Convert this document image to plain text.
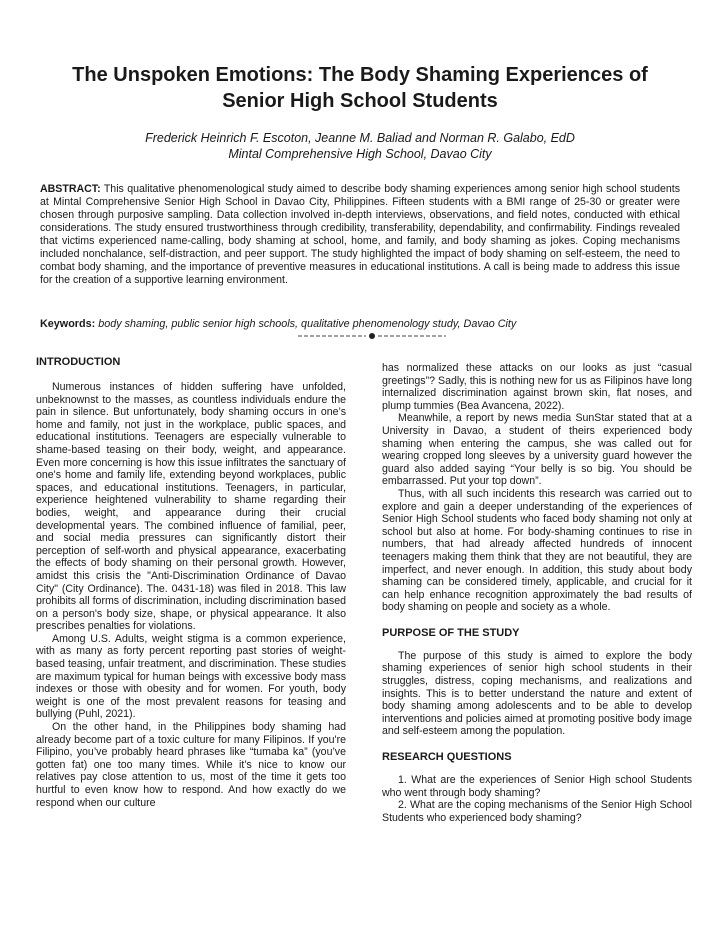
The Unspoken Emotions: The Body Shaming Experiences of Senior High School Students
Frederick Heinrich F. Escoton, Jeanne M. Baliad and Norman R. Galabo, EdD
Mintal Comprehensive High School, Davao City
ABSTRACT: This qualitative phenomenological study aimed to describe body shaming experiences among senior high school students at Mintal Comprehensive Senior High School in Davao City, Philippines. Fifteen students with a BMI range of 25-30 or greater were chosen through purposive sampling. Data collection involved in-depth interviews, observations, and field notes, conducted with ethical considerations. The study ensured trustworthiness through credibility, transferability, dependability, and confirmability. Findings revealed that victims experienced name-calling, body shaming at school, home, and family, and body shaming as jokes. Coping mechanisms included nonchalance, self-distraction, and peer support. The study highlighted the impact of body shaming on self-esteem, the need to combat body shaming, and the importance of preventive measures in educational institutions. A call is being made to address this issue for the creation of a supportive learning environment.
Keywords: body shaming, public senior high schools, qualitative phenomenology study, Davao City
INTRODUCTION

Numerous instances of hidden suffering have unfolded, unbeknownst to the masses, as countless individuals endure the pain in silence. But unfortunately, body shaming occurs in one’s home and family, not just in the workplace, public spaces, and educational institutions. Teenagers are especially vulnerable to shame-based teasing on their body, weight, and appearance. Even more concerning is how this issue infiltrates the sanctuary of one's home and family life, extending beyond workplaces, public spaces, and educational institutions. Teenagers, in particular, experience heightened vulnerability to shame regarding their bodies, weight, and appearance during their crucial developmental years. The combined influence of familial, peer, and social media pressures can significantly distort their perception of self-worth and physical appearance, exacerbating the effects of body shaming on their personal growth. However, amidst this crisis the "Anti-Discrimination Ordinance of Davao City" (City Ordinance). The. 0431-18) was filed in 2018. This law prohibits all forms of discrimination, including discrimination based on a person's body size, shape, or physical appearance. It also prescribes penalties for violations.

Among U.S. Adults, weight stigma is a common experience, with as many as forty percent reporting past stories of weight-based teasing, unfair treatment, and discrimination. These studies are maximum typical for human beings with excessive body mass indexes or those with obesity and for women. For youth, body weight is one of the most prevalent reasons for teasing and bullying (Puhl, 2021).

On the other hand, in the Philippines body shaming had already become part of a toxic culture for many Filipinos. If you're Filipino, you’ve probably heard phrases like “tumaba ka” (you’ve gotten fat) one too many times. While it’s nice to know our relatives pay close attention to us, most of the time it gets too hurtful to even know how to respond. And how exactly do we respond when our culture

has normalized these attacks on our looks as just “casual greetings”? Sadly, this is nothing new for us as Filipinos have long internalized discrimination against brown skin, flat noses, and plump tummies (Bea Avancena, 2022).

Meanwhile, a report by news media SunStar stated that at a University in Davao, a student of theirs experienced body shaming when entering the campus, she was called out for wearing cropped long sleeves by a university guard however the guard also added saying “Your belly is so big. You should be embarrassed. Put your top down”.

Thus, with all such incidents this research was carried out to explore and gain a deeper understanding of the experiences of Senior High School students who faced body shaming not only at school but also at home. For body-shaming continues to rise in numbers, that had already affected hundreds of innocent teenagers making them think that they are not beautiful, they are imperfect, and never enough. In addition, this study about body shaming can be considered timely, applicable, and crucial for it can help enhance recognition approximately the bad results of body shaming on people and society as a whole.

PURPOSE OF THE STUDY

The purpose of this study is aimed to explore the body shaming experiences of senior high school students in their struggles, distress, coping mechanisms, and realizations and insights. This is to better understand the nature and extent of body shaming among adolescents and to be able to develop interventions and policies aimed at promoting positive body image and self-esteem among the population.

RESEARCH QUESTIONS

1. What are the experiences of Senior High school Students who went through body shaming?

2. What are the coping mechanisms of the Senior High School Students who experienced body shaming?
